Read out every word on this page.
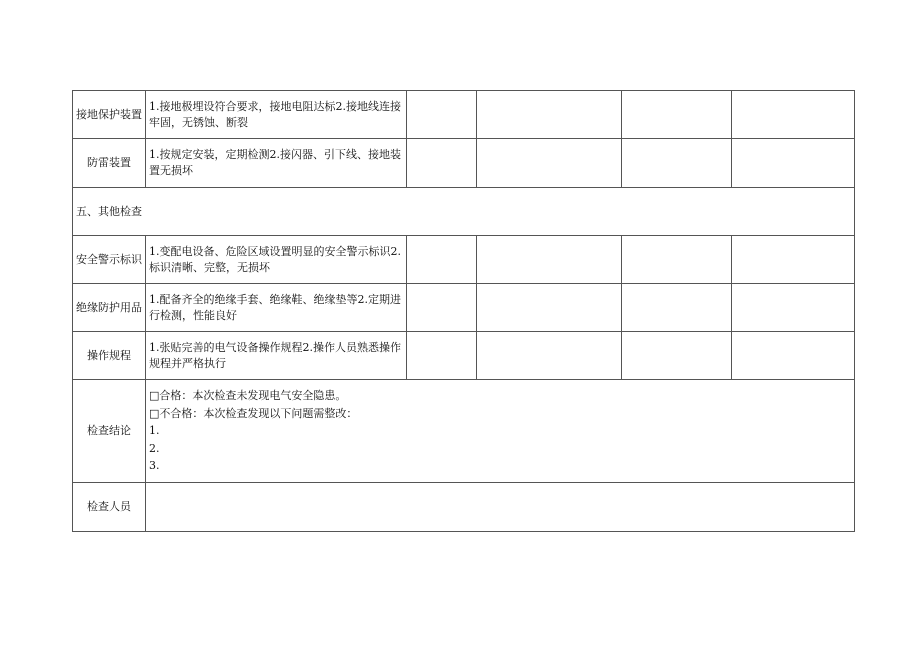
接地保护装置	1.接地极埋设符合要求，接地电阻达标2.接地线连接牢固，无锈蚀、断裂				
防雷装置	1.按规定安装，定期检测2.接闪器、引下线、接地装置无损坏				
五、其他检查					
安全警示标识	1.变配电设备、危险区域设置明显的安全警示标识2.标识清晰、完整，无损坏				
绝缘防护用品	1.配备齐全的绝缘手套、绝缘鞋、绝缘垫等2.定期进行检测，性能良好				
操作规程	1.张贴完善的电气设备操作规程2.操作人员熟悉操作规程并严格执行				
检查结论	□合格：本次检查未发现电气安全隐患。
□不合格：本次检查发现以下问题需整改：
1.
2.
3.				

检查人员					
